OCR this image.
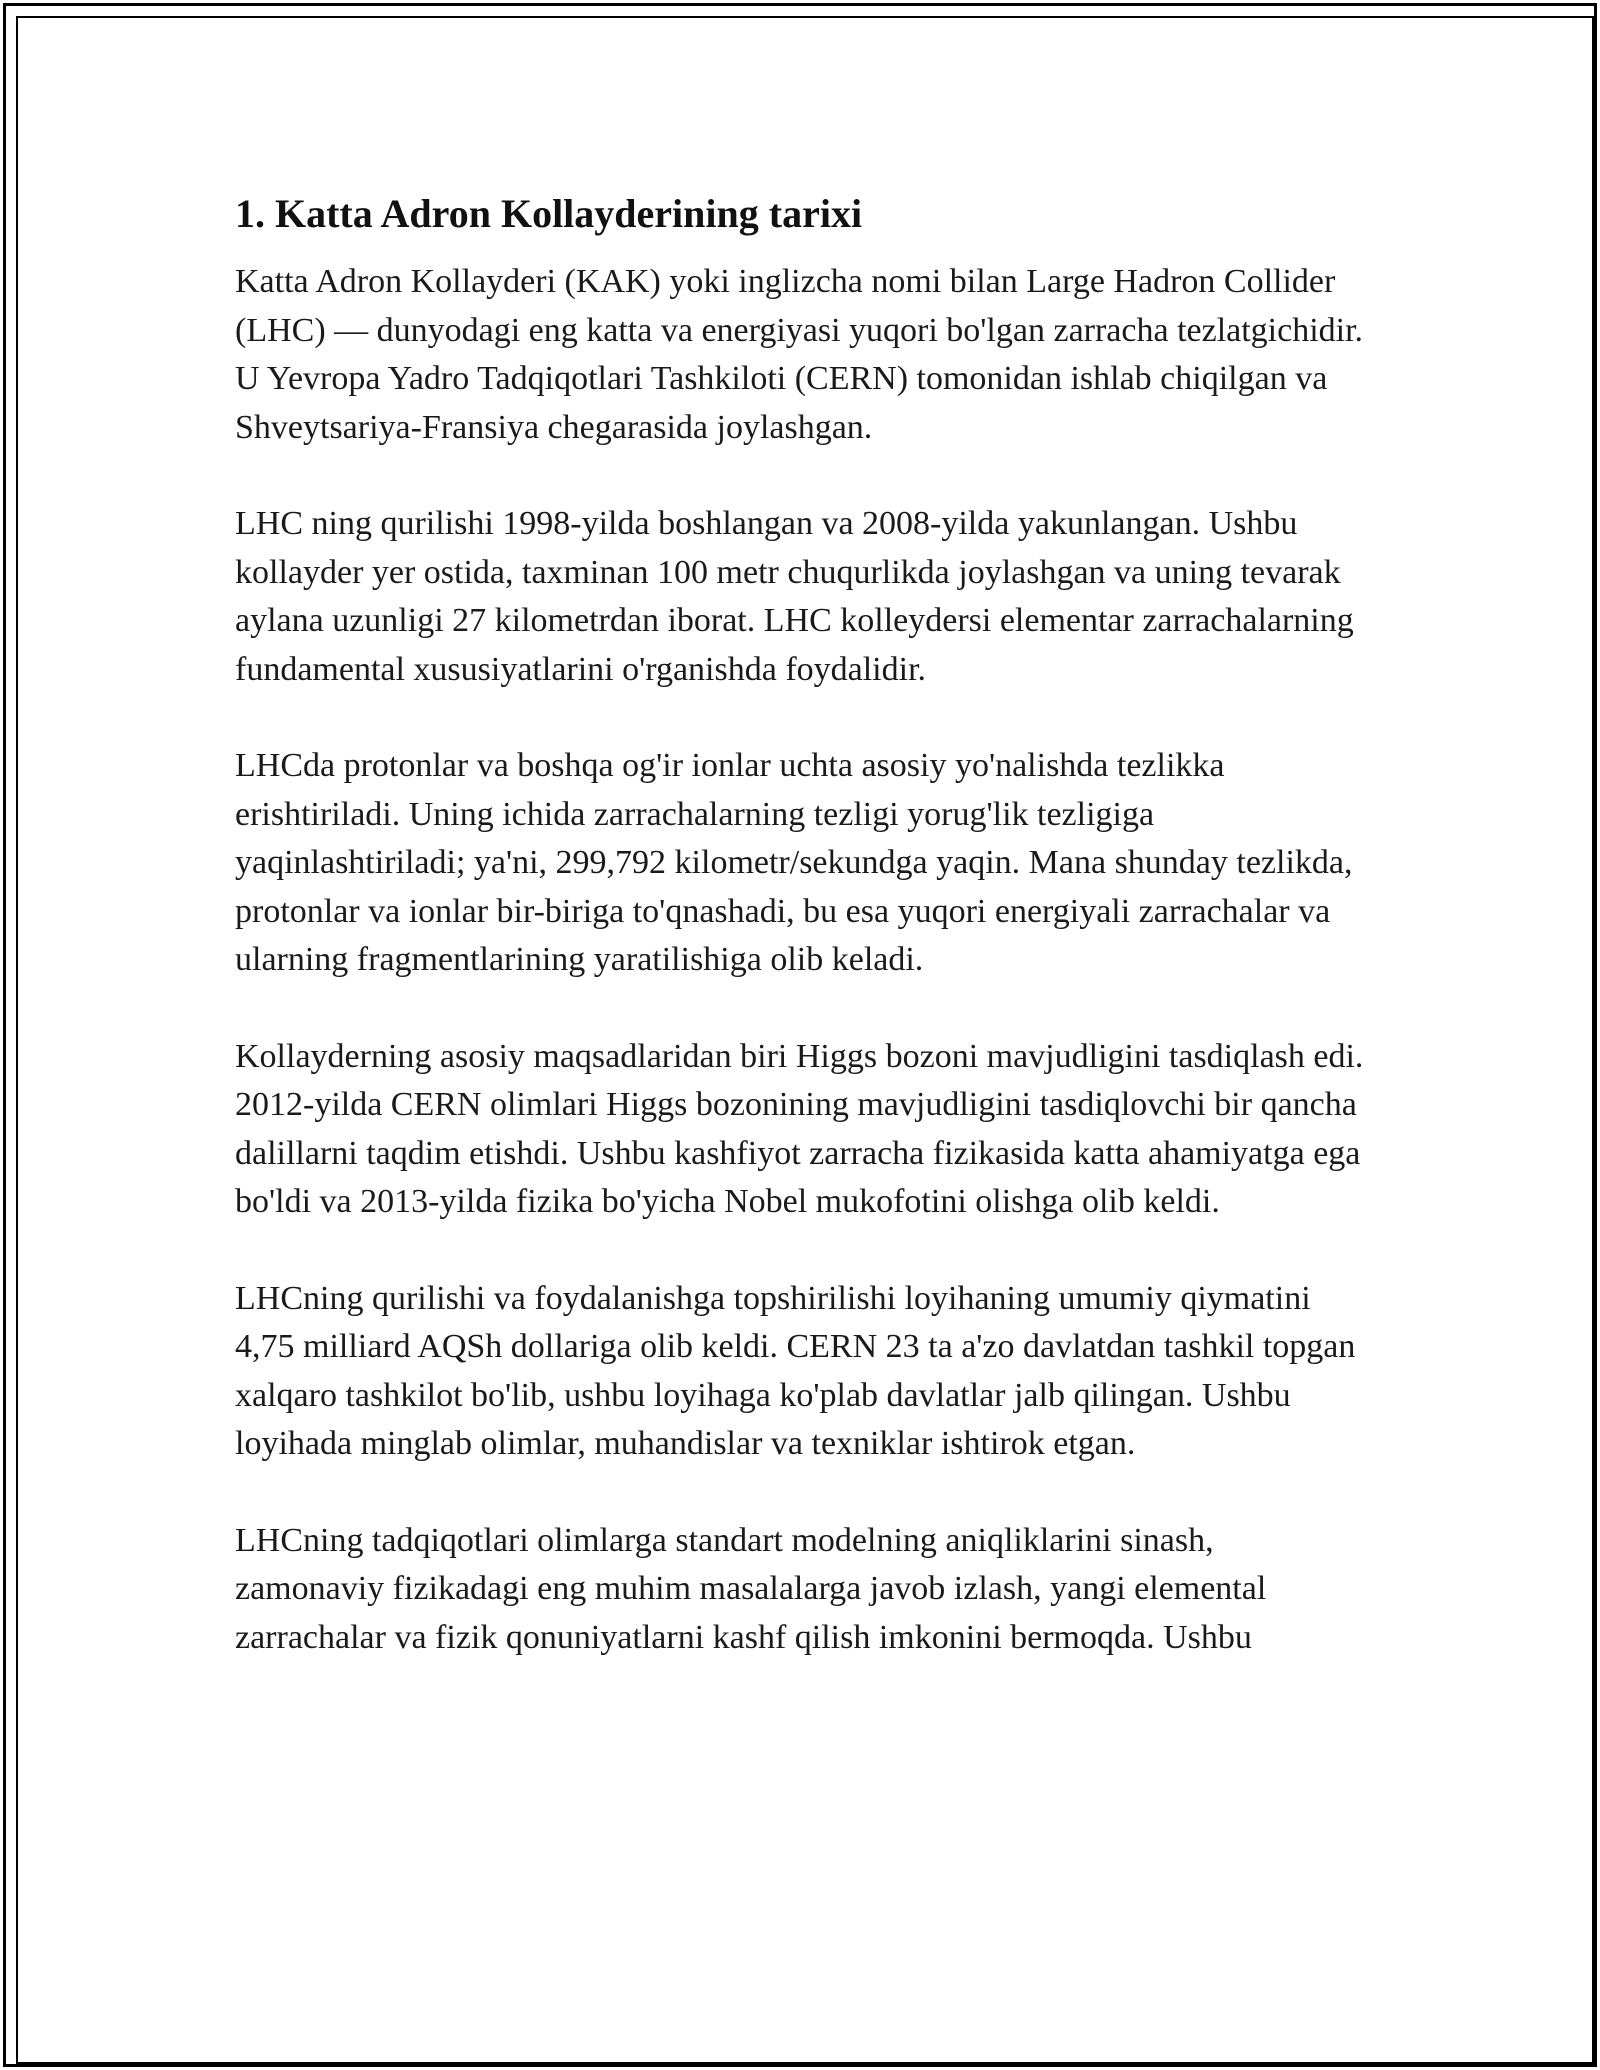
1. Katta Adron Kollayderining tarixi

Katta Adron Kollayderi (KAK) yoki inglizcha nomi bilan Large Hadron Collider (LHC) — dunyodagi eng katta va energiyasi yuqori bo'lgan zarracha tezlatgichidir. U Yevropa Yadro Tadqiqotlari Tashkiloti (CERN) tomonidan ishlab chiqilgan va Shveytsariya-Fransiya chegarasida joylashgan.

LHC ning qurilishi 1998-yilda boshlangan va 2008-yilda yakunlangan. Ushbu kollayder yer ostida, taxminan 100 metr chuqurlikda joylashgan va uning tevarak aylana uzunligi 27 kilometrdan iborat. LHC kolleydersi elementar zarrachalarning fundamental xususiyatlarini o'rganishda foydalidir.

LHCda protonlar va boshqa og'ir ionlar uchta asosiy yo'nalishda tezlikka erishtiriladi. Uning ichida zarrachalarning tezligi yorug'lik tezligiga yaqinlashtiriladi; ya'ni, 299,792 kilometr/sekundga yaqin. Mana shunday tezlikda, protonlar va ionlar bir-biriga to'qnashadi, bu esa yuqori energiyali zarrachalar va ularning fragmentlarining yaratilishiga olib keladi.

Kollayderning asosiy maqsadlaridan biri Higgs bozoni mavjudligini tasdiqlash edi. 2012-yilda CERN olimlari Higgs bozonining mavjudligini tasdiqlovchi bir qancha dalillarni taqdim etishdi. Ushbu kashfiyot zarracha fizikasida katta ahamiyatga ega bo'ldi va 2013-yilda fizika bo'yicha Nobel mukofotini olishga olib keldi.

LHCning qurilishi va foydalanishga topshirilishi loyihaning umumiy qiymatini 4,75 milliard AQSh dollariga olib keldi. CERN 23 ta a'zo davlatdan tashkil topgan xalqaro tashkilot bo'lib, ushbu loyihaga ko'plab davlatlar jalb qilingan. Ushbu loyihada minglab olimlar, muhandislar va texniklar ishtirok etgan.

LHCning tadqiqotlari olimlarga standart modelning aniqliklarini sinash, zamonaviy fizikadagi eng muhim masalalarga javob izlash, yangi elemental zarrachalar va fizik qonuniyatlarni kashf qilish imkonini bermoqda. Ushbu
